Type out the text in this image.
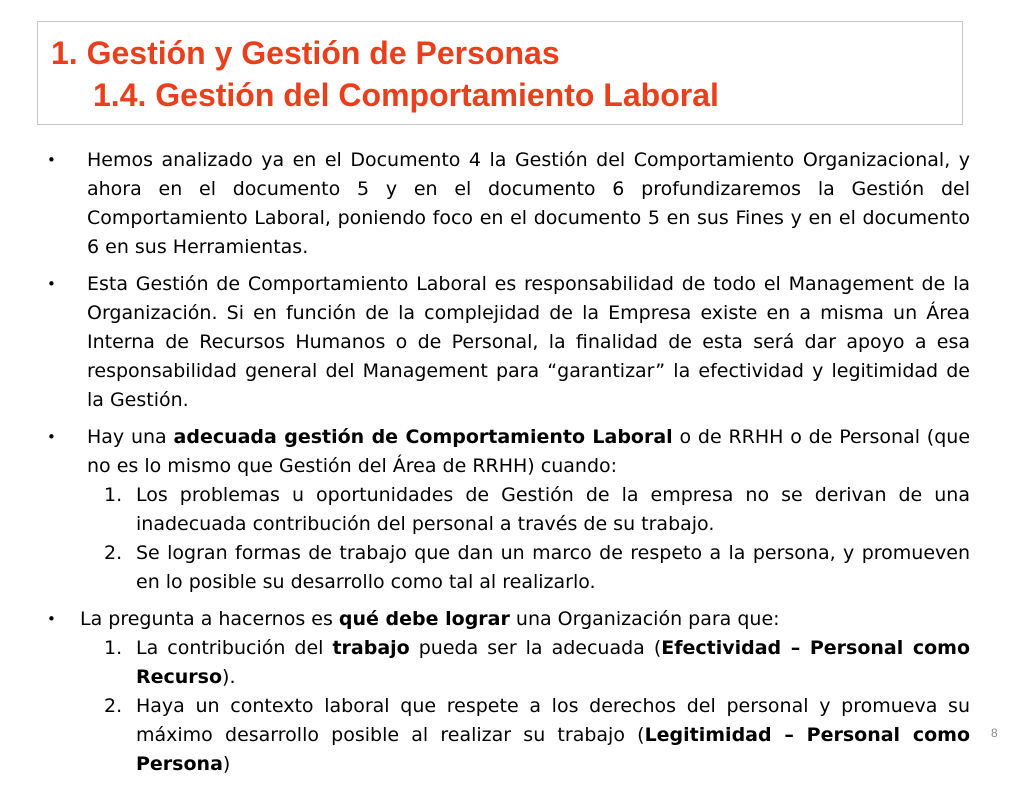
1. Gestión y Gestión de Personas
1.4. Gestión del Comportamiento Laboral
• Hemos analizado ya en el Documento 4 la Gestión del Comportamiento Organizacional, y ahora en el documento 5 y en el documento 6 profundizaremos la Gestión del Comportamiento Laboral, poniendo foco en el documento 5 en sus Fines y en el documento 6 en sus Herramientas.
• Esta Gestión de Comportamiento Laboral es responsabilidad de todo el Management de la Organización. Si en función de la complejidad de la Empresa existe en a misma un Área Interna de Recursos Humanos o de Personal, la finalidad de esta será dar apoyo a esa responsabilidad general del Management para “garantizar” la efectividad y legitimidad de la Gestión.
• Hay una adecuada gestión de Comportamiento Laboral o de RRHH o de Personal (que no es lo mismo que Gestión del Área de RRHH) cuando:
1. Los problemas u oportunidades de Gestión de la empresa no se derivan de una inadecuada contribución del personal a través de su trabajo.
2. Se logran formas de trabajo que dan un marco de respeto a la persona, y promueven en lo posible su desarrollo como tal al realizarlo.
• La pregunta a hacernos es qué debe lograr una Organización para que:
1. La contribución del trabajo pueda ser la adecuada (Efectividad – Personal como Recurso).
2. Haya un contexto laboral que respete a los derechos del personal y promueva su máximo desarrollo posible al realizar su trabajo (Legitimidad – Personal como Persona)
8
